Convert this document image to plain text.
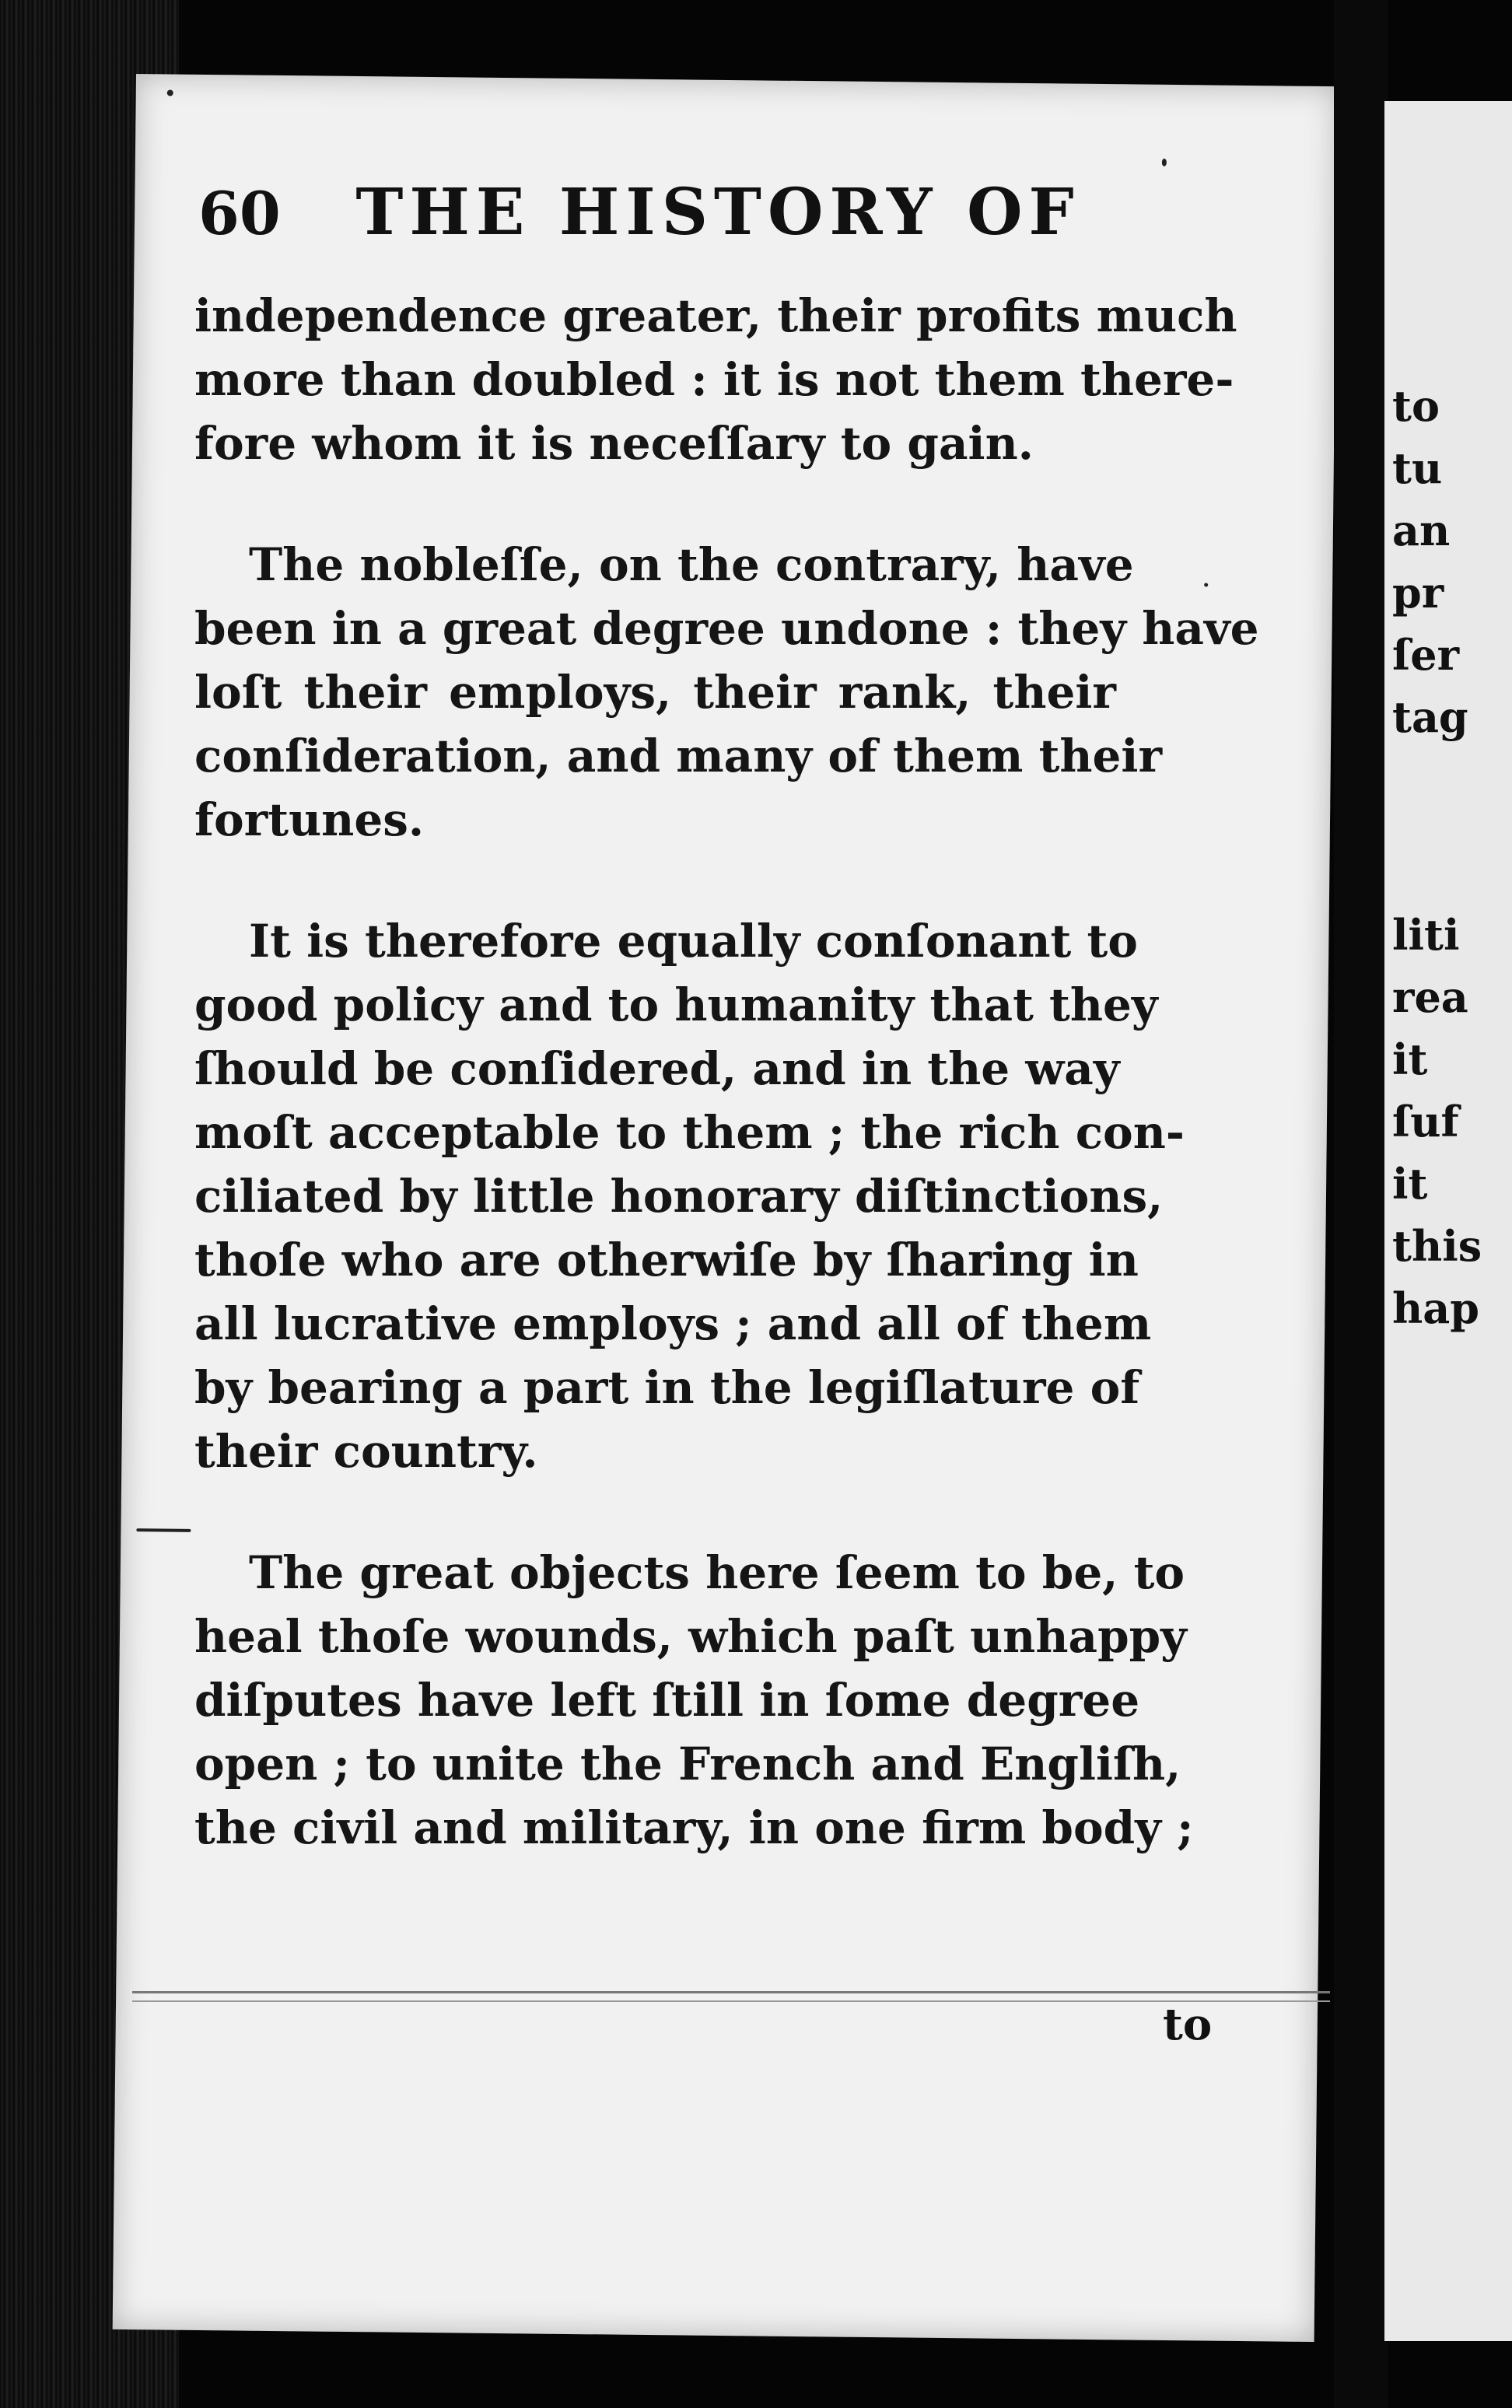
to
tu
an
pr
ſer
tag
liti
rea
it
ſuf
it
this
hap
60 THE HISTORY OF
independence greater, their profits much
more than doubled : it is not them there-
fore whom it is neceſſary to gain.
The nobleſſe, on the contrary, have
been in a great degree undone : they have
loſt their employs, their rank, their
conſideration, and many of them their
fortunes.
It is therefore equally conſonant to
good policy and to humanity that they
ſhould be conſidered, and in the way
moſt acceptable to them ; the rich con-
ciliated by little honorary diſtinctions,
thoſe who are otherwiſe by ſharing in
all lucrative employs ; and all of them
by bearing a part in the legiſlature of
their country.
The great objects here ſeem to be, to
heal thoſe wounds, which paſt unhappy
diſputes have left ſtill in ſome degree
open ; to unite the French and Engliſh,
the civil and military, in one firm body ;
to
